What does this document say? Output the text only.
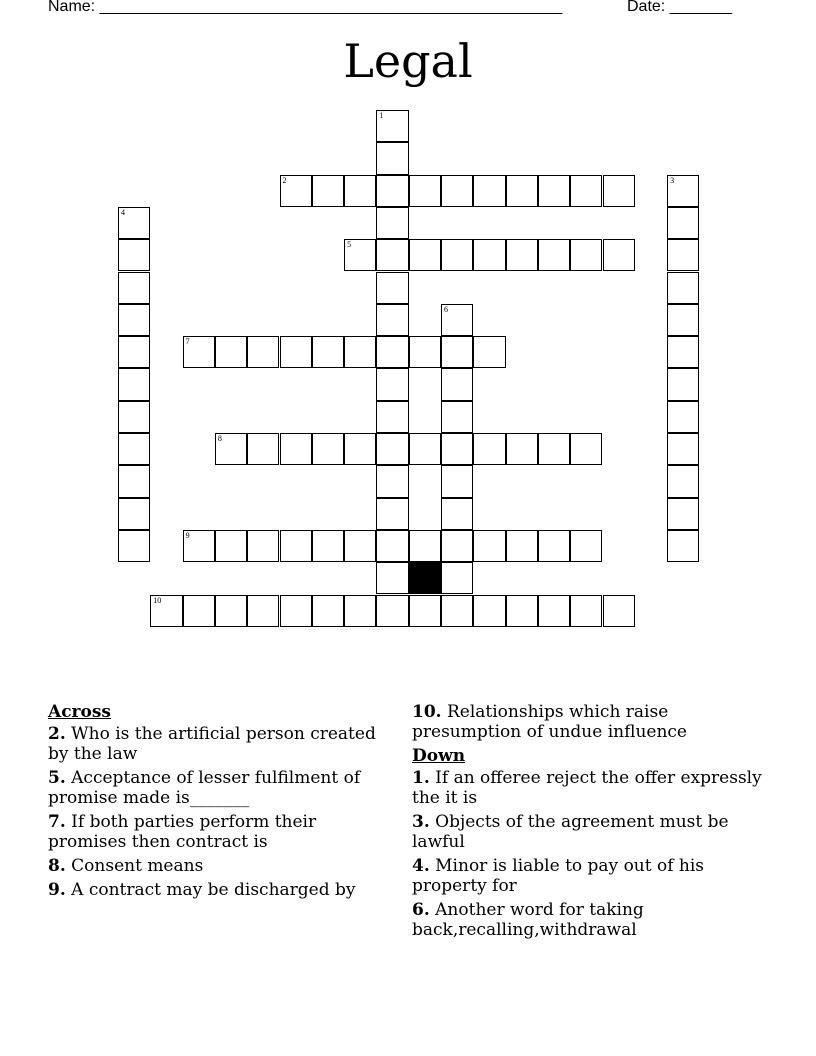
Name: ____________________________________________________	Date: _______
Legal
1
2	3
4
5
6
7
8
9
10
Across
2. Who is the artificial person created by the law
5. Acceptance of lesser fulfilment of promise made is_______
7. If both parties perform their promises then contract is
8. Consent means
9. A contract may be discharged by
10. Relationships which raise presumption of undue influence
Down
1. If an offeree reject the offer expressly the it is
3. Objects of the agreement must be lawful
4. Minor is liable to pay out of his property for
6. Another word for taking back,recalling,withdrawal
